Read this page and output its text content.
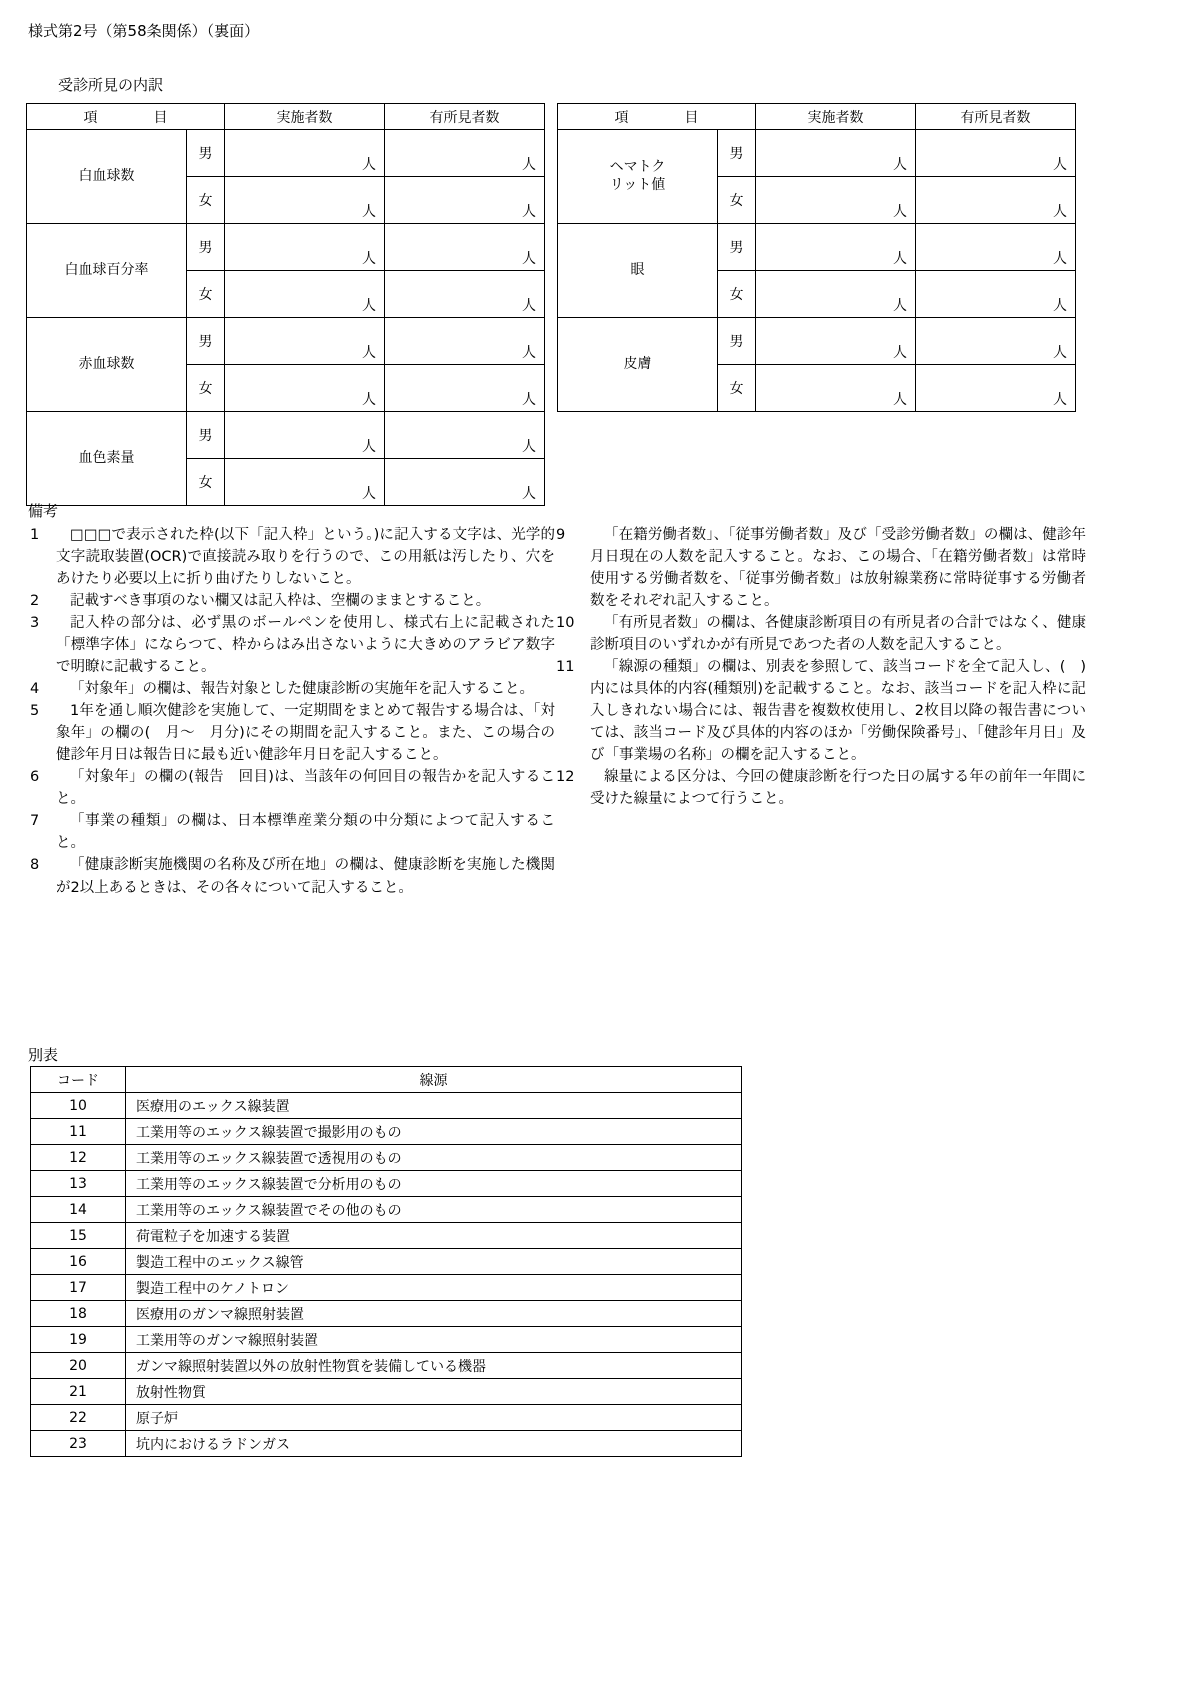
様式第2号（第58条関係）（裏面）
受診所見の内訳
項 目		実施者数	有所見者数
白血球数	男	人	人

	女	人	人

白血球百分率	男	人	人

	女	人	人

赤血球数	男	人	人

	女	人	人

血色素量	男	人	人

	女	人	人
項 目		実施者数	有所見者数
ヘマトク
リット値	男	人	人

	女	人	人

眼	男	人	人

	女	人	人

皮膚	男	人	人

	女	人	人
備考
1	□□□で表示された枠(以下「記入枠」という。)に記入する文字は、光学的文字読取装置(OCR)で直接読み取りを行うので、この用紙は汚したり、穴をあけたり必要以上に折り曲げたりしないこと。
2	記載すべき事項のない欄又は記入枠は、空欄のままとすること。
3	記入枠の部分は、必ず黒のボールペンを使用し、様式右上に記載された「標準字体」にならつて、枠からはみ出さないように大きめのアラビア数字で明瞭に記載すること。
4	「対象年」の欄は、報告対象とした健康診断の実施年を記入すること。
5	1年を通し順次健診を実施して、一定期間をまとめて報告する場合は、「対象年」の欄の(　月〜　月分)にその期間を記入すること。また、この場合の健診年月日は報告日に最も近い健診年月日を記入すること。
6	「対象年」の欄の(報告　回目)は、当該年の何回目の報告かを記入すること。
7	「事業の種類」の欄は、日本標準産業分類の中分類によつて記入すること。
8	「健康診断実施機関の名称及び所在地」の欄は、健康診断を実施した機関が2以上あるときは、その各々について記入すること。
9	「在籍労働者数」、「従事労働者数」及び「受診労働者数」の欄は、健診年月日現在の人数を記入すること。なお、この場合、「在籍労働者数」は常時使用する労働者数を、「従事労働者数」は放射線業務に常時従事する労働者数をそれぞれ記入すること。
10	「有所見者数」の欄は、各健康診断項目の有所見者の合計ではなく、健康診断項目のいずれかが有所見であつた者の人数を記入すること。
11	「線源の種類」の欄は、別表を参照して、該当コードを全て記入し、(　)内には具体的内容(種類別)を記載すること。なお、該当コードを記入枠に記入しきれない場合には、報告書を複数枚使用し、2枚目以降の報告書については、該当コード及び具体的内容のほか「労働保険番号」、「健診年月日」及び「事業場の名称」の欄を記入すること。
12	線量による区分は、今回の健康診断を行つた日の属する年の前年一年間に受けた線量によつて行うこと。
別表
コード	線源
10	医療用のエックス線装置
11	工業用等のエックス線装置で撮影用のもの
12	工業用等のエックス線装置で透視用のもの
13	工業用等のエックス線装置で分析用のもの
14	工業用等のエックス線装置でその他のもの
15	荷電粒子を加速する装置
16	製造工程中のエックス線管
17	製造工程中のケノトロン
18	医療用のガンマ線照射装置
19	工業用等のガンマ線照射装置
20	ガンマ線照射装置以外の放射性物質を装備している機器
21	放射性物質
22	原子炉
23	坑内におけるラドンガス
